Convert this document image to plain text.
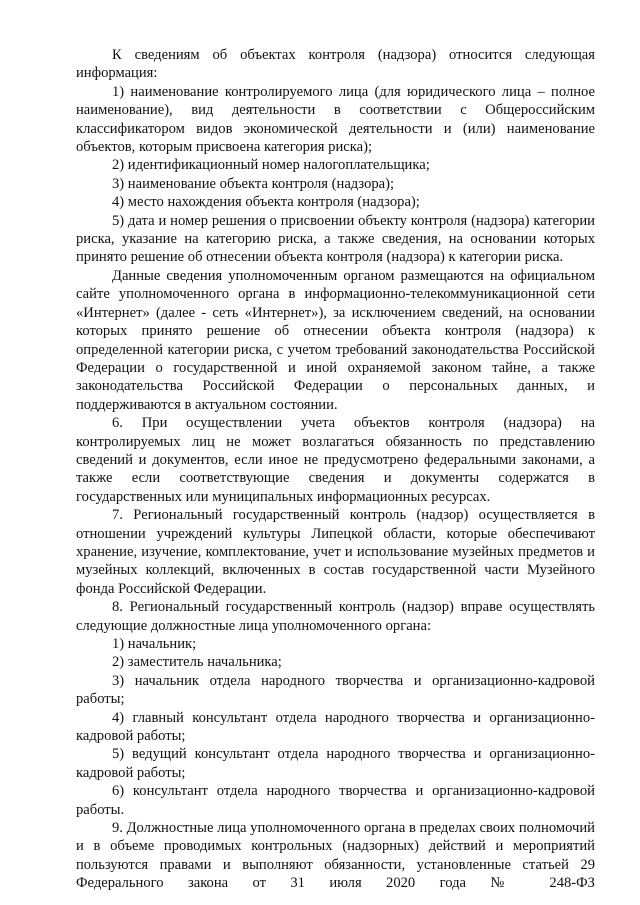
К сведениям об объектах контроля (надзора) относится следующая информация:

1) наименование контролируемого лица (для юридического лица – полное наименование), вид деятельности в соответствии с Общероссийским классификатором видов экономической деятельности и (или) наименование объектов, которым присвоена категория риска);

2) идентификационный номер налогоплательщика;

3) наименование объекта контроля (надзора);

4) место нахождения объекта контроля (надзора);

5) дата и номер решения о присвоении объекту контроля (надзора) категории риска, указание на категорию риска, а также сведения, на основании которых принято решение об отнесении объекта контроля (надзора) к категории риска.

Данные сведения уполномоченным органом размещаются на официальном сайте уполномоченного органа в информационно-телекоммуникационной сети «Интернет» (далее - сеть «Интернет»), за исключением сведений, на основании которых принято решение об отнесении объекта контроля (надзора) к определенной категории риска, с учетом требований законодательства Российской Федерации о государственной и иной охраняемой законом тайне, а также законодательства Российской Федерации о персональных данных, и поддерживаются в актуальном состоянии.

6. При осуществлении учета объектов контроля (надзора) на контролируемых лиц не может возлагаться обязанность по представлению сведений и документов, если иное не предусмотрено федеральными законами, а также если соответствующие сведения и документы содержатся в государственных или муниципальных информационных ресурсах.

7. Региональный государственный контроль (надзор) осуществляется в отношении учреждений культуры Липецкой области, которые обеспечивают хранение, изучение, комплектование, учет и использование музейных предметов и музейных коллекций, включенных в состав государственной части Музейного фонда Российской Федерации.

8. Региональный государственный контроль (надзор) вправе осуществлять следующие должностные лица уполномоченного органа:

1) начальник;

2) заместитель начальника;

3) начальник отдела народного творчества и организационно-кадровой работы;

4) главный консультант отдела народного творчества и организационно-кадровой работы;

5) ведущий консультант отдела народного творчества и организационно-кадровой работы;

6) консультант отдела народного творчества и организационно-кадровой работы.

9. Должностные лица уполномоченного органа в пределах своих полномочий и в объеме проводимых контрольных (надзорных) действий и мероприятий пользуются правами и выполняют обязанности, установленные статьей 29 Федерального закона от 31 июля 2020 года № 248-ФЗ
